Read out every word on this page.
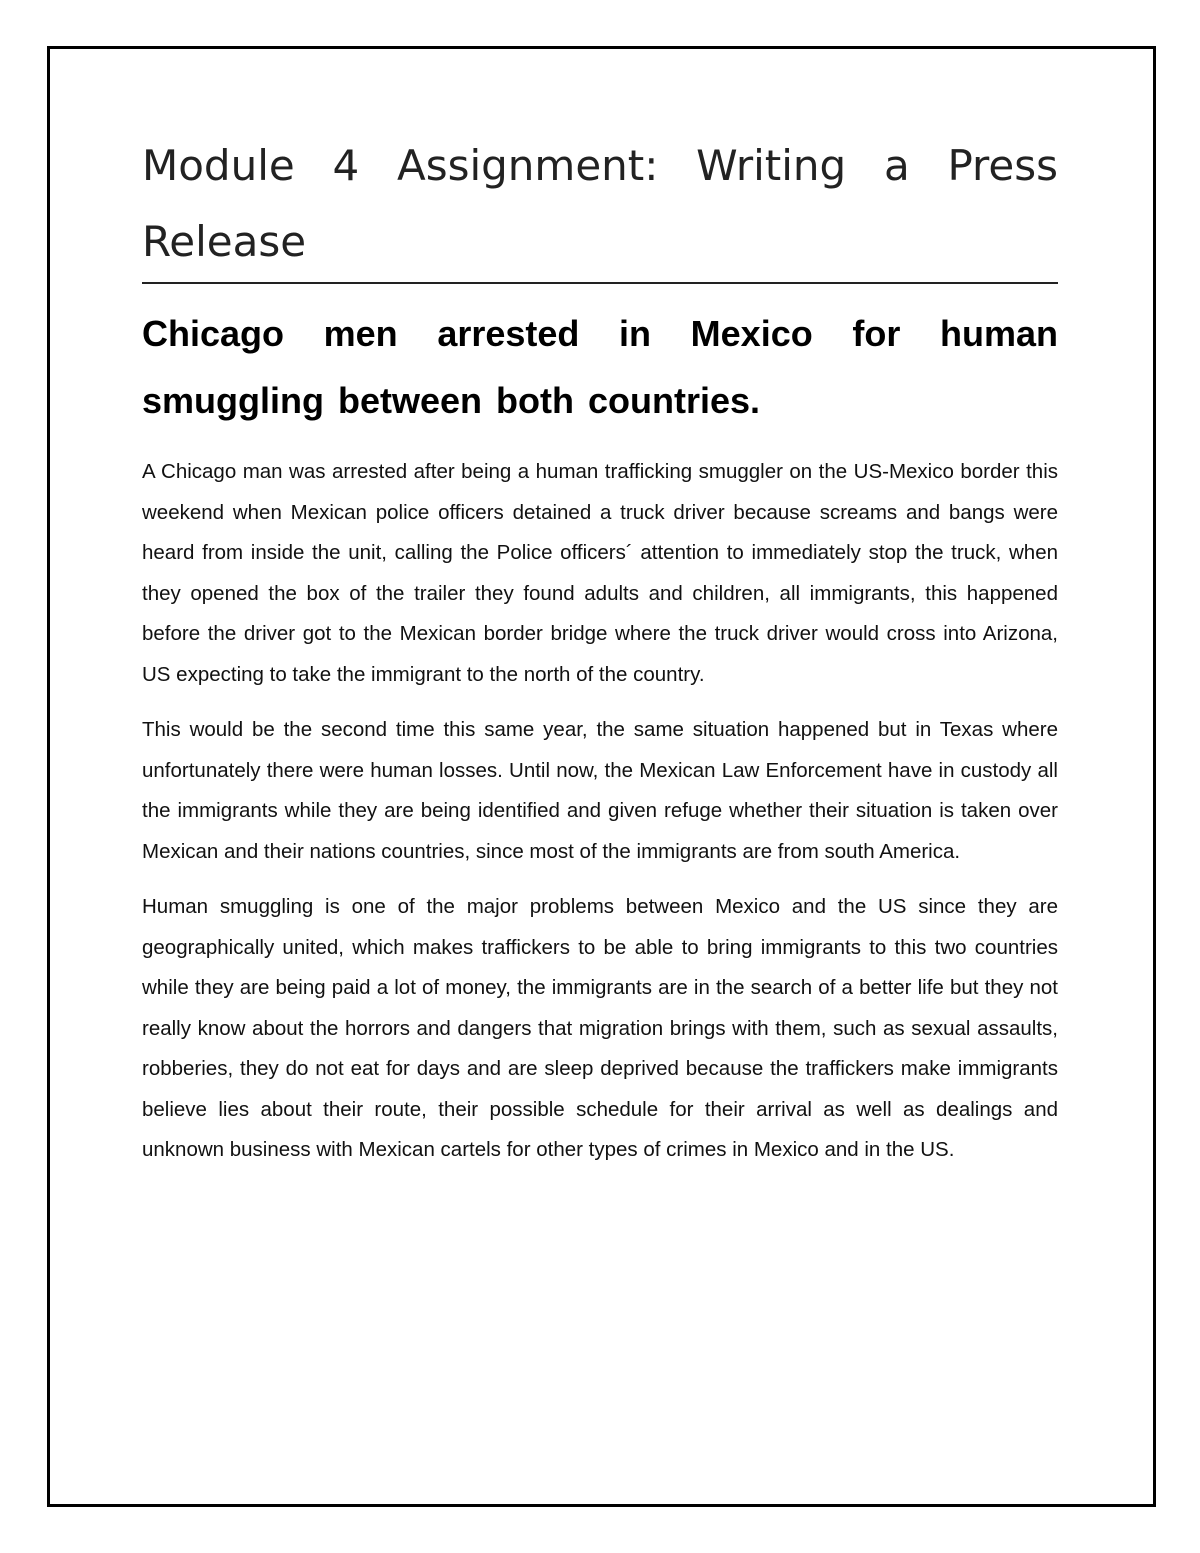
Module 4 Assignment: Writing a Press Release
Chicago men arrested in Mexico for human smuggling between both countries.

A Chicago man was arrested after being a human trafficking smuggler on the US-Mexico border this weekend when Mexican police officers detained a truck driver because screams and bangs were heard from inside the unit, calling the Police officers´ attention to immediately stop the truck, when they opened the box of the trailer they found adults and children, all immigrants, this happened before the driver got to the Mexican border bridge where the truck driver would cross into Arizona, US expecting to take the immigrant to the north of the country.

This would be the second time this same year, the same situation happened but in Texas where unfortunately there were human losses. Until now, the Mexican Law Enforcement have in custody all the immigrants while they are being identified and given refuge whether their situation is taken over Mexican and their nations countries, since most of the immigrants are from south America.

Human smuggling is one of the major problems between Mexico and the US since they are geographically united, which makes traffickers to be able to bring immigrants to this two countries while they are being paid a lot of money, the immigrants are in the search of a better life but they not really know about the horrors and dangers that migration brings with them, such as sexual assaults, robberies, they do not eat for days and are sleep deprived because the traffickers make immigrants believe lies about their route, their possible schedule for their arrival as well as dealings and unknown business with Mexican cartels for other types of crimes in Mexico and in the US.
